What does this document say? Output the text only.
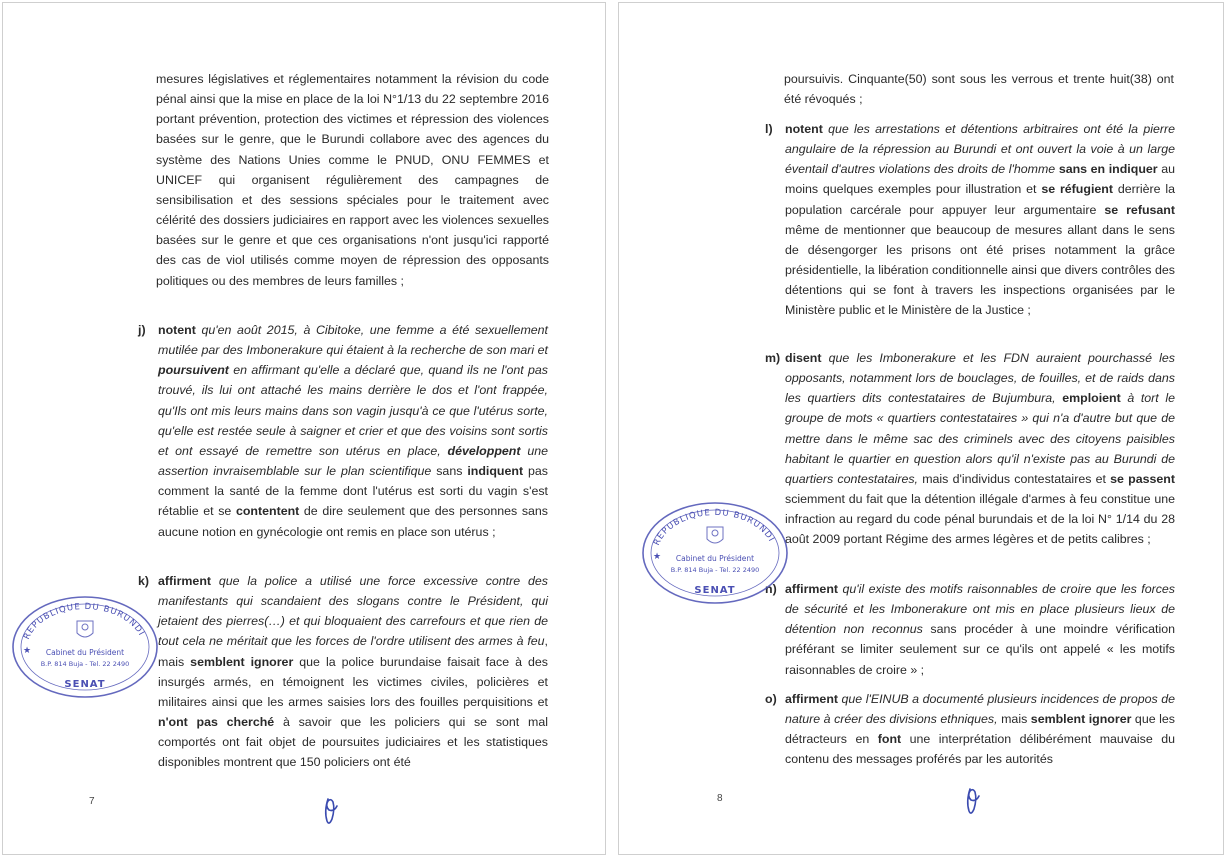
mesures législatives et réglementaires notamment la révision du code pénal ainsi que la mise en place de la loi N°1/13 du 22 septembre 2016 portant prévention, protection des victimes et répression des violences basées sur le genre, que le Burundi collabore avec des agences du système des Nations Unies comme le PNUD, ONU FEMMES et UNICEF qui organisent régulièrement des campagnes de sensibilisation et des sessions spéciales pour le traitement avec célérité des dossiers judiciaires en rapport avec les violences sexuelles basées sur le genre et que ces organisations n'ont jusqu'ici rapporté des cas de viol utilisés comme moyen de répression des opposants politiques ou des membres de leurs familles ;
j) notent qu'en août 2015, à Cibitoke, une femme a été sexuellement mutilée par des Imbonerakure qui étaient à la recherche de son mari et poursuivent en affirmant qu'elle a déclaré que, quand ils ne l'ont pas trouvé, ils lui ont attaché les mains derrière le dos et l'ont frappée, qu'Ils ont mis leurs mains dans son vagin jusqu'à ce que l'utérus sorte, qu'elle est restée seule à saigner et crier et que des voisins sont sortis et ont essayé de remettre son utérus en place, développent une assertion invraisemblable sur le plan scientifique sans indiquent pas comment la santé de la femme dont l'utérus est sorti du vagin s'est rétablie et se contentent de dire seulement que des personnes sans aucune notion en gynécologie ont remis en place son utérus ;
k) affirment que la police a utilisé une force excessive contre des manifestants qui scandaient des slogans contre le Président, qui jetaient des pierres(…) et qui bloquaient des carrefours et que rien de tout cela ne méritait que les forces de l'ordre utilisent des armes à feu, mais semblent ignorer que la police burundaise faisait face à des insurgés armés, en témoignent les victimes civiles, policières et militaires ainsi que les armes saisies lors des fouilles perquisitions et n'ont pas cherché à savoir que les policiers qui se sont mal comportés ont fait objet de poursuites judiciaires et les statistiques disponibles montrent que 150 policiers ont été
REPUBLIQUE DU BURUNDI
★ Cabinet du Président
B.P. 814 Buja - Tel. 22 2490
SENAT
7
poursuivis. Cinquante(50) sont sous les verrous et trente huit(38) ont été révoqués ;
l) notent que les arrestations et détentions arbitraires ont été la pierre angulaire de la répression au Burundi et ont ouvert la voie à un large éventail d'autres violations des droits de l'homme sans en indiquer au moins quelques exemples pour illustration et se réfugient derrière la population carcérale pour appuyer leur argumentaire se refusant même de mentionner que beaucoup de mesures allant dans le sens de désengorger les prisons ont été prises notamment la grâce présidentielle, la libération conditionnelle ainsi que divers contrôles des détentions qui se font à travers les inspections organisées par le Ministère public et le Ministère de la Justice ;
m) disent que les Imbonerakure et les FDN auraient pourchassé les opposants, notamment lors de bouclages, de fouilles, et de raids dans les quartiers dits contestataires de Bujumbura, emploient à tort le groupe de mots « quartiers contestataires » qui n'a d'autre but que de mettre dans le même sac des criminels avec des citoyens paisibles habitant le quartier en question alors qu'il n'existe pas au Burundi de quartiers contestataires, mais d'individus contestataires et se passent sciemment du fait que la détention illégale d'armes à feu constitue une infraction au regard du code pénal burundais et de la loi N° 1/14 du 28 août 2009 portant Régime des armes légères et de petits calibres ;
n) affirment qu'il existe des motifs raisonnables de croire que les forces de sécurité et les Imbonerakure ont mis en place plusieurs lieux de détention non reconnus sans procéder à une moindre vérification préférant se limiter seulement sur ce qu'ils ont appelé « les motifs raisonnables de croire » ;
o) affirment que l'EINUB a documenté plusieurs incidences de propos de nature à créer des divisions ethniques, mais semblent ignorer que les détracteurs en font une interprétation délibérément mauvaise du contenu des messages proférés par les autorités
REPUBLIQUE DU BURUNDI
★ Cabinet du Président
B.P. 814 Buja - Tel. 22 2490
SENAT
8
